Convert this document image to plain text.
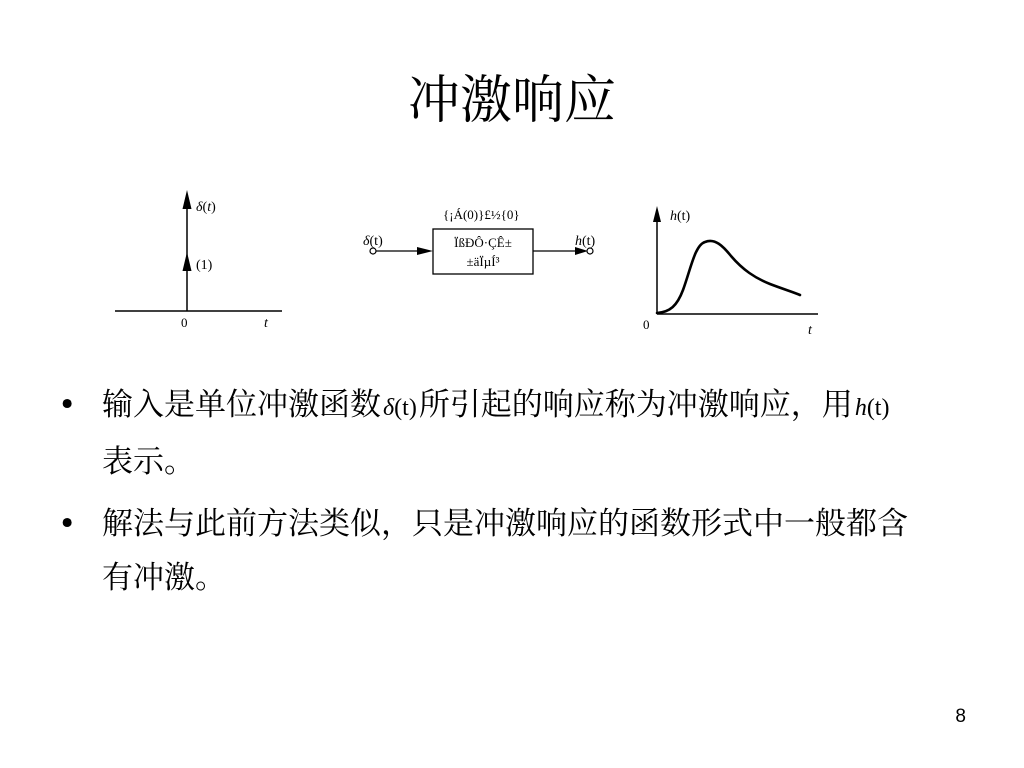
冲激响应
δ(t)
(1)
0	t
{¡Á(0)}£½{0}
ÏßÐÔ·ÇÊ±
±äÏµÍ³
δ(t)	h(t)
h(t)
0	t
• 输入是单位冲激函数δ(t)所引起的响应称为冲激响应，用h(t)表示。
• 解法与此前方法类似，只是冲激响应的函数形式中一般都含有冲激。
8
